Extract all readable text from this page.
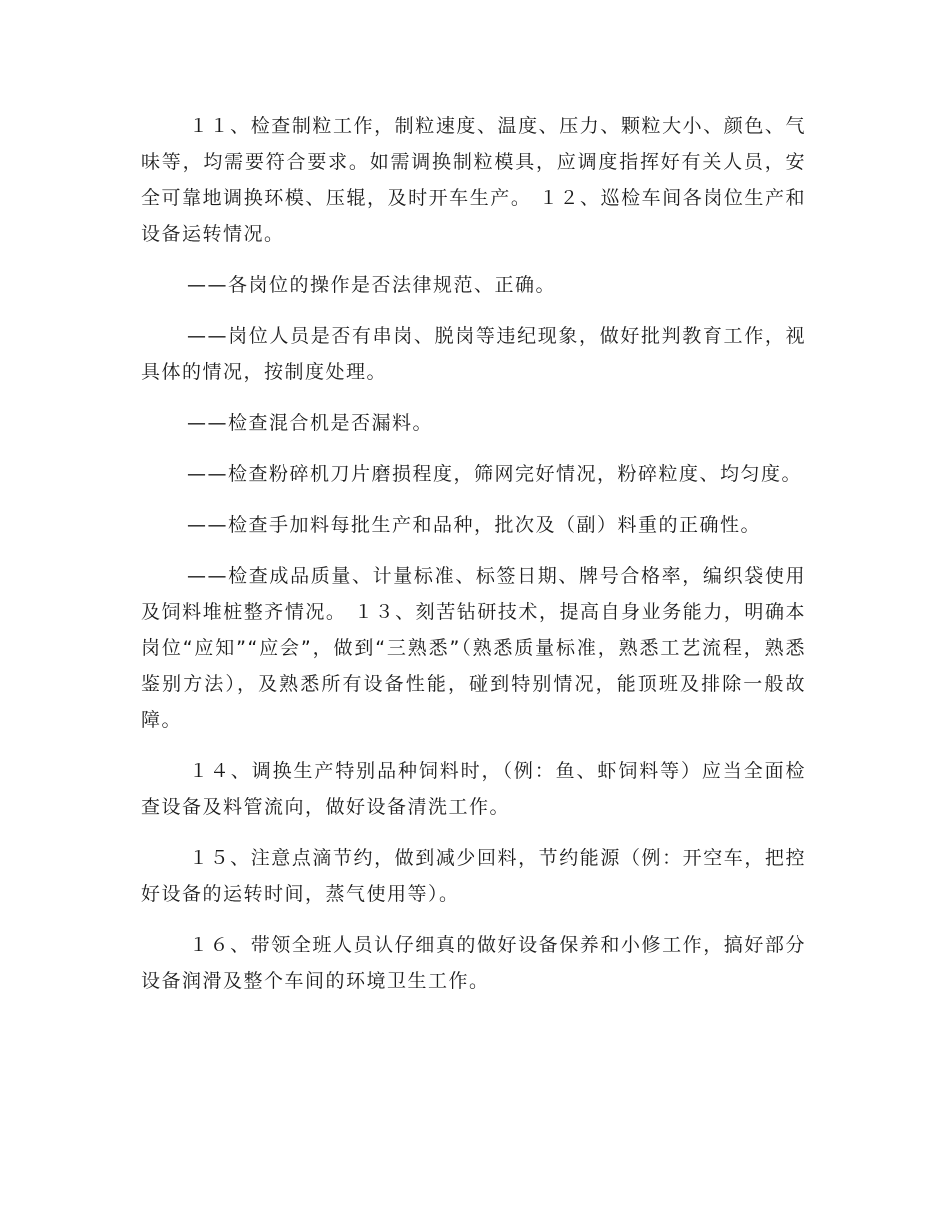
１１、检查制粒工作，制粒速度、温度、压力、颗粒大小、颜色、气味等，均需要符合要求。如需调换制粒模具，应调度指挥好有关人员，安全可靠地调换环模、压辊，及时开车生产。 １２、巡检车间各岗位生产和设备运转情况。

——各岗位的操作是否法律规范、正确。

——岗位人员是否有串岗、脱岗等违纪现象，做好批判教育工作，视具体的情况，按制度处理。

——检查混合机是否漏料。

——检查粉碎机刀片磨损程度，筛网完好情况，粉碎粒度、均匀度。

——检查手加料每批生产和品种，批次及（副）料重的正确性。

——检查成品质量、计量标准、标签日期、牌号合格率，编织袋使用及饲料堆桩整齐情况。 １３、刻苦钻研技术，提高自身业务能力，明确本岗位“应知”“应会”，做到“三熟悉”（熟悉质量标准，熟悉工艺流程，熟悉鉴别方法），及熟悉所有设备性能，碰到特别情况，能顶班及排除一般故障。

１４、调换生产特别品种饲料时，（例：鱼、虾饲料等）应当全面检查设备及料管流向，做好设备清洗工作。

１５、注意点滴节约，做到减少回料，节约能源（例：开空车，把控好设备的运转时间，蒸气使用等）。

１６、带领全班人员认仔细真的做好设备保养和小修工作，搞好部分设备润滑及整个车间的环境卫生工作。
